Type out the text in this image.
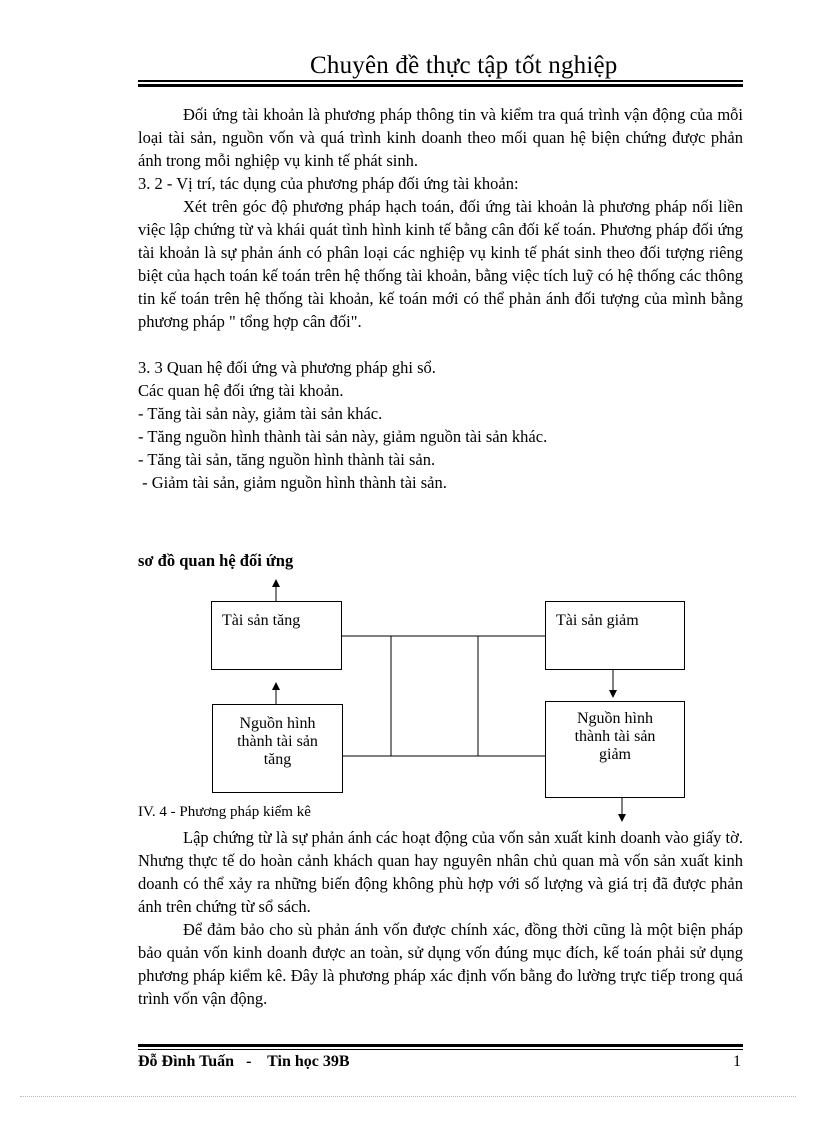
Chuyên đề thực tập tốt nghiệp
Đối ứng tài khoản là phương pháp thông tin và kiểm tra quá trình vận động của mỗi loại tài sản, nguồn vốn và quá trình kinh doanh theo mối quan hệ biện chứng được phản ánh trong mỗi nghiệp vụ kinh tế phát sinh.
3. 2 - Vị trí, tác dụng của phương pháp đối ứng tài khoản:
Xét trên góc độ phương pháp hạch toán, đối ứng tài khoản là phương pháp nối liền việc lập chứng từ và khái quát tình hình kinh tế bằng cân đối kế toán. Phương pháp đối ứng tài khoản là sự phản ánh có phân loại các nghiệp vụ kinh tế phát sinh theo đối tượng riêng biệt của hạch toán kế toán trên hệ thống tài khoản, bằng việc tích luỹ có hệ thống các thông tin kế toán trên hệ thống tài khoản, kế toán mới có thể phản ánh đối tượng của mình bằng phương pháp " tổng hợp cân đối".
3. 3 Quan hệ đối ứng và phương pháp ghi sổ.
Các quan hệ đối ứng tài khoản.
- Tăng tài sản này, giảm tài sản khác.
- Tăng nguồn hình thành tài sản này, giảm nguồn tài sản khác.
- Tăng tài sản, tăng nguồn hình thành tài sản.
- Giảm tài sản, giảm nguồn hình thành tài sản.
sơ đồ quan hệ đối ứng
Tài sản tăng	Tài sản giảm
Nguồn hình
thành tài sản
tăng
Nguồn hình
thành tài sản
giảm
IV. 4 - Phương pháp kiểm kê
Lập chứng từ là sự phản ánh các hoạt động của vốn sản xuất kinh doanh vào giấy tờ. Nhưng thực tế do hoàn cảnh khách quan hay nguyên nhân chủ quan mà vốn sản xuất kinh doanh có thể xảy ra những biến động không phù hợp với số lượng và giá trị đã được phản ánh trên chứng từ sổ sách.
Để đảm bảo cho sù phản ánh vốn được chính xác, đồng thời cũng là một biện pháp bảo quản vốn kinh doanh được an toàn, sử dụng vốn đúng mục đích, kế toán phải sử dụng phương pháp kiểm kê. Đây là phương pháp xác định vốn bằng đo lường trực tiếp trong quá trình vốn vận động.
Đỗ Đình Tuấn - Tin học 39B	1
